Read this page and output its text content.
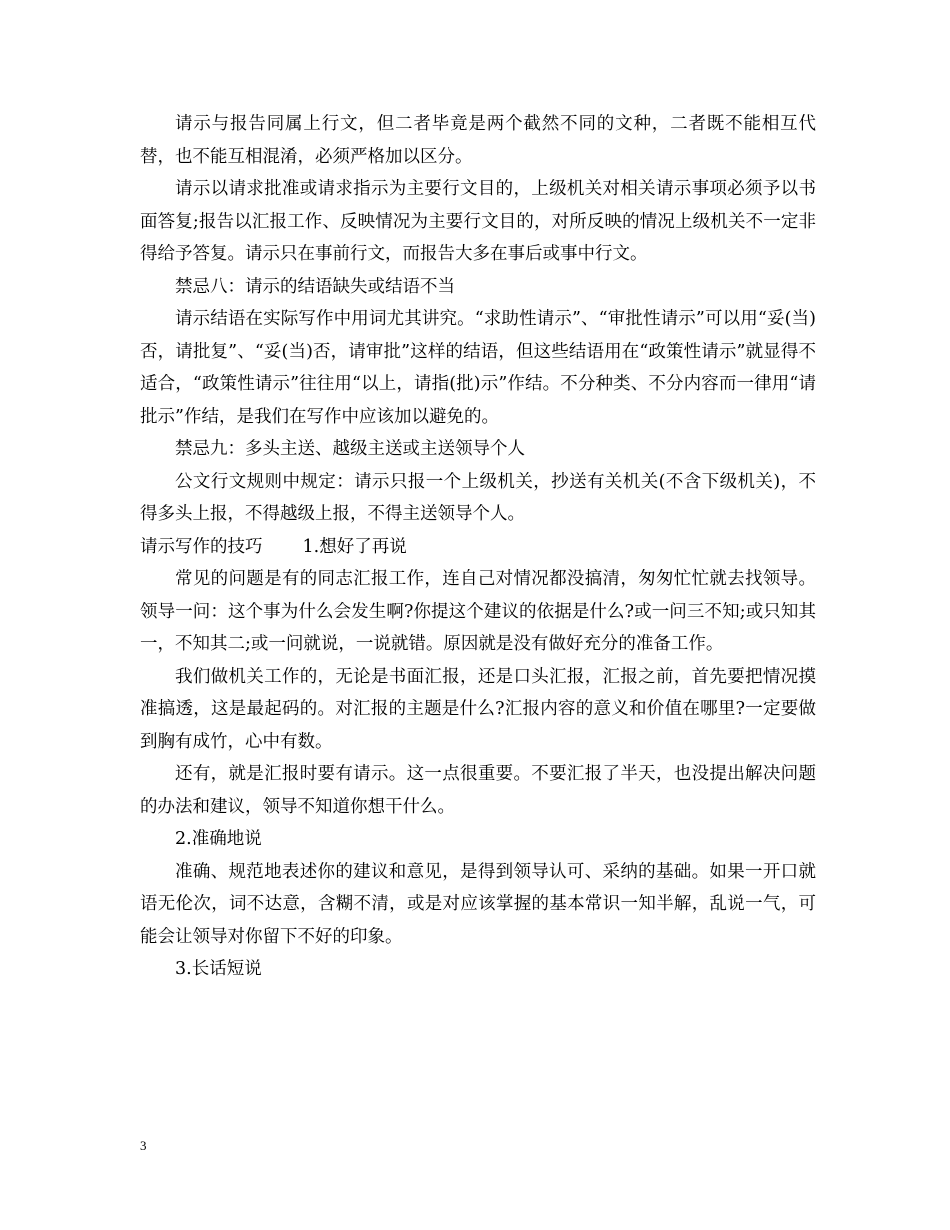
请示与报告同属上行文，但二者毕竟是两个截然不同的文种，二者既不能相互代替，也不能互相混淆，必须严格加以区分。

请示以请求批准或请求指示为主要行文目的，上级机关对相关请示事项必须予以书面答复;报告以汇报工作、反映情况为主要行文目的，对所反映的情况上级机关不一定非得给予答复。请示只在事前行文，而报告大多在事后或事中行文。

禁忌八：请示的结语缺失或结语不当

请示结语在实际写作中用词尤其讲究。“求助性请示”、“审批性请示”可以用“妥(当)否，请批复”、“妥(当)否，请审批”这样的结语，但这些结语用在“政策性请示”就显得不适合，“政策性请示”往往用“以上，请指(批)示”作结。不分种类、不分内容而一律用“请批示”作结，是我们在写作中应该加以避免的。

禁忌九：多头主送、越级主送或主送领导个人

公文行文规则中规定：请示只报一个上级机关，抄送有关机关(不含下级机关)，不得多头上报，不得越级上报，不得主送领导个人。

请示写作的技巧 1.想好了再说

常见的问题是有的同志汇报工作，连自己对情况都没搞清，匆匆忙忙就去找领导。领导一问：这个事为什么会发生啊?你提这个建议的依据是什么?或一问三不知;或只知其一，不知其二;或一问就说，一说就错。原因就是没有做好充分的准备工作。

我们做机关工作的，无论是书面汇报，还是口头汇报，汇报之前，首先要把情况摸准搞透，这是最起码的。对汇报的主题是什么?汇报内容的意义和价值在哪里?一定要做到胸有成竹，心中有数。

还有，就是汇报时要有请示。这一点很重要。不要汇报了半天，也没提出解决问题的办法和建议，领导不知道你想干什么。

2.准确地说

准确、规范地表述你的建议和意见，是得到领导认可、采纳的基础。如果一开口就语无伦次，词不达意，含糊不清，或是对应该掌握的基本常识一知半解，乱说一气，可能会让领导对你留下不好的印象。

3.长话短说

3
